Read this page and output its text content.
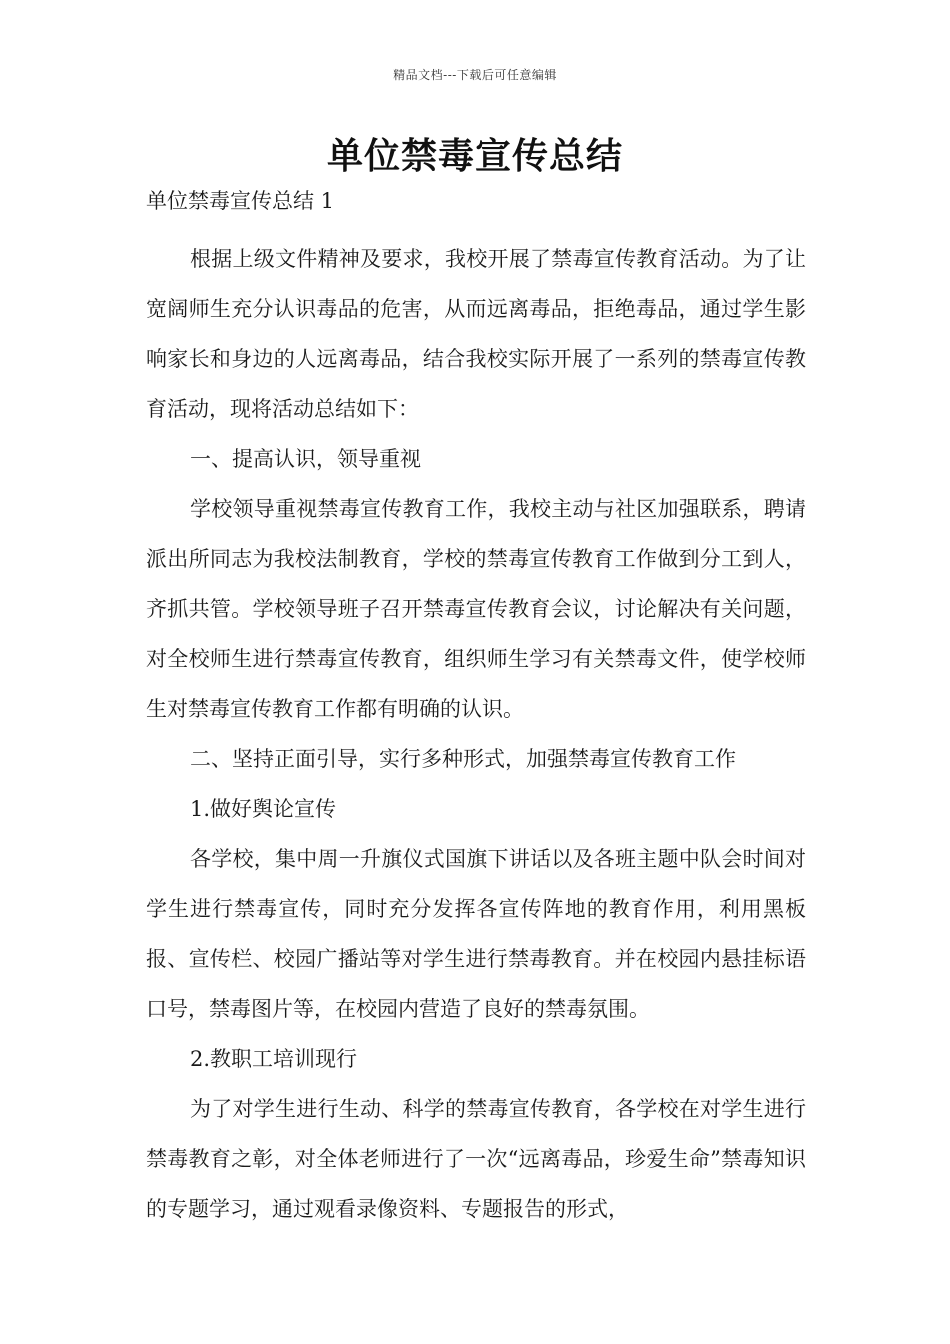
精品文档---下载后可任意编辑
单位禁毒宣传总结

单位禁毒宣传总结 1

根据上级文件精神及要求，我校开展了禁毒宣传教育活动。为了让宽阔师生充分认识毒品的危害，从而远离毒品，拒绝毒品，通过学生影响家长和身边的人远离毒品，结合我校实际开展了一系列的禁毒宣传教育活动，现将活动总结如下：

一、提高认识，领导重视

学校领导重视禁毒宣传教育工作，我校主动与社区加强联系，聘请派出所同志为我校法制教育，学校的禁毒宣传教育工作做到分工到人，齐抓共管。学校领导班子召开禁毒宣传教育会议，讨论解决有关问题，对全校师生进行禁毒宣传教育，组织师生学习有关禁毒文件，使学校师生对禁毒宣传教育工作都有明确的认识。

二、坚持正面引导，实行多种形式，加强禁毒宣传教育工作

1.做好舆论宣传

各学校，集中周一升旗仪式国旗下讲话以及各班主题中队会时间对学生进行禁毒宣传，同时充分发挥各宣传阵地的教育作用，利用黑板报、宣传栏、校园广播站等对学生进行禁毒教育。并在校园内悬挂标语口号，禁毒图片等，在校园内营造了良好的禁毒氛围。

2.教职工培训现行

为了对学生进行生动、科学的禁毒宣传教育，各学校在对学生进行禁毒教育之彰，对全体老师进行了一次“远离毒品，珍爱生命”禁毒知识的专题学习，通过观看录像资料、专题报告的形式，
